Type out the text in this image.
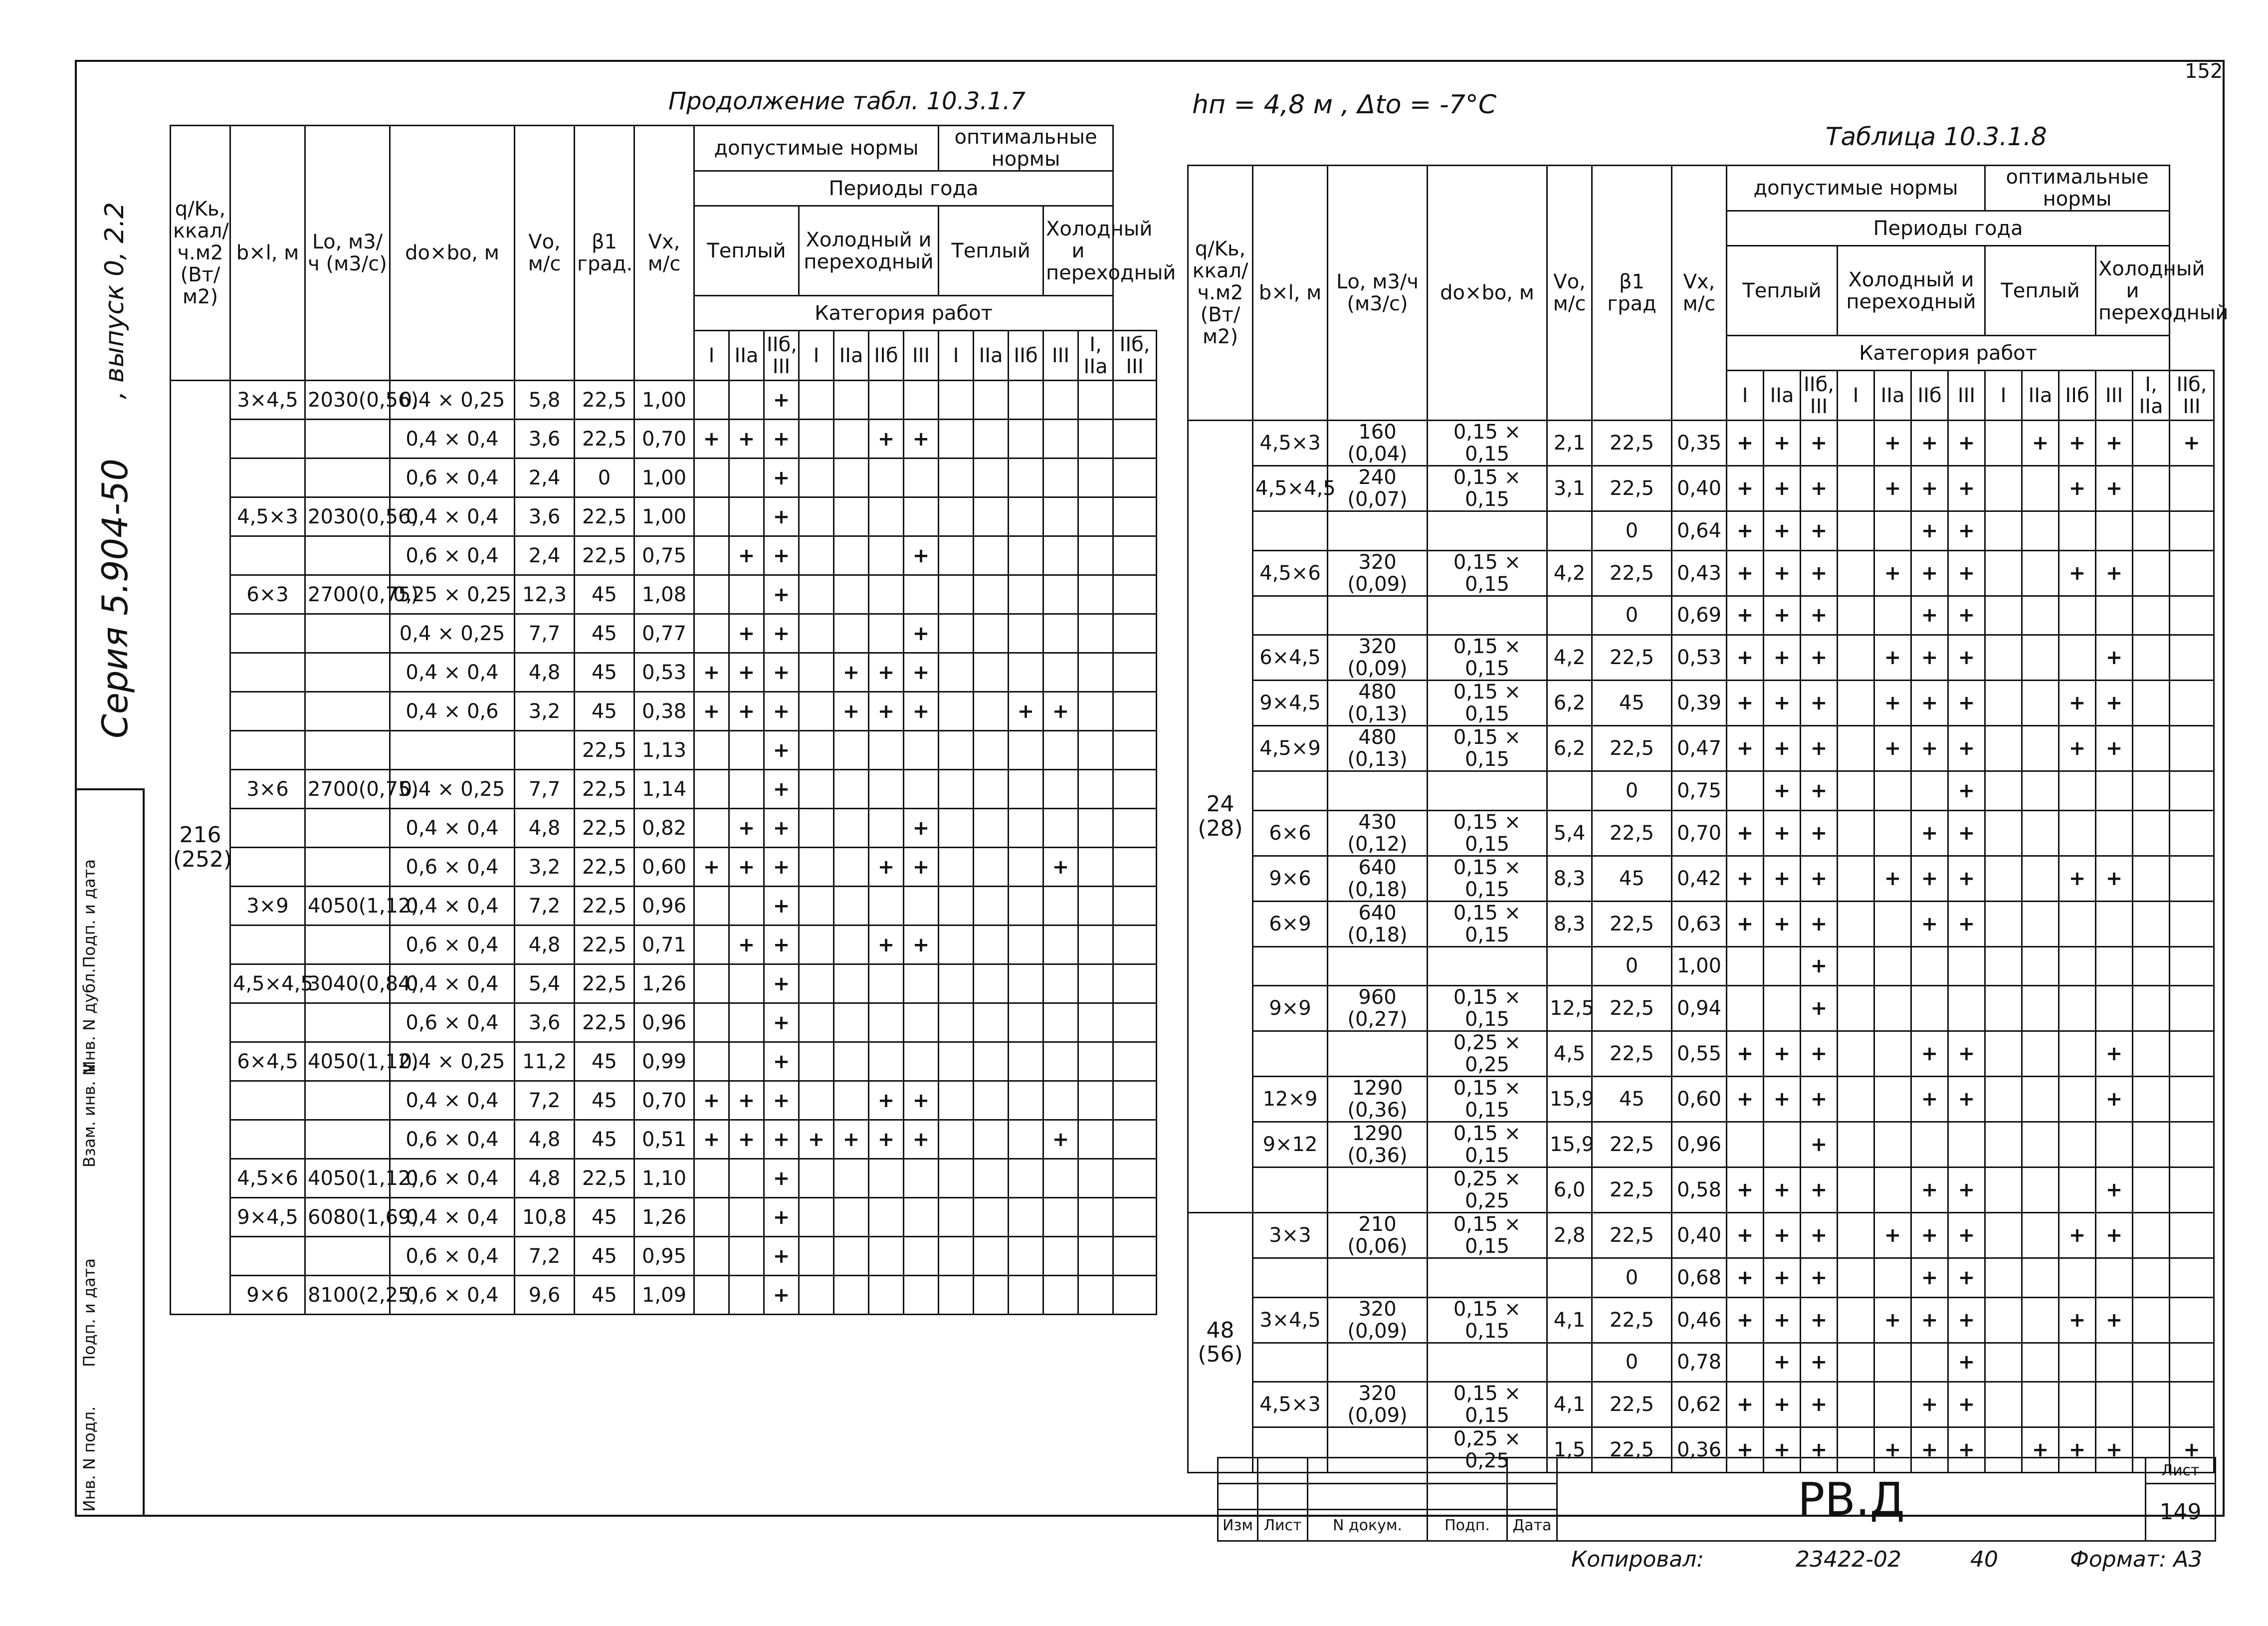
152
Серия 5.904-50
, выпуск 0, 2.2
Инв. N подл.
Подп. и дата
Взам. инв. N
Инв. N дубл.
Подп. и дата
Продолжение табл. 10.3.1.7	hп = 4,8 м , Δtо = -7°C
Таблица 10.3.1.8
q/Kь, ккал/ч.м2 (Вт/м2)	b×l, м	Lо, м3/ч (м3/с)	dо×bо, м	Vо, м/с	β1 град.	Vx, м/с	допустимые нормы							оптимальные нормы					
							Периоды года												
							Теплый			Холодный и переходный				Теплый			Холодный и переходный		
							Категория работ												
							I	IIа	IIб, III	I	IIа	IIб	III	I	IIа	IIб	III	I, IIа	IIб, III
216 (252)	3×4,5	2030(0,56)	0,4 × 0,25	5,8	22,5	1,00			+										
			0,4 × 0,4	3,6	22,5	0,70	+	+	+			+	+						
			0,6 × 0,4	2,4	0	1,00			+										
	4,5×3	2030(0,56)	0,4 × 0,4	3,6	22,5	1,00			+										
			0,6 × 0,4	2,4	22,5	0,75		+	+				+						
	6×3	2700(0,75)	0,25 × 0,25	12,3	45	1,08			+										
			0,4 × 0,25	7,7	45	0,77		+	+				+						
			0,4 × 0,4	4,8	45	0,53	+	+	+		+	+	+						
			0,4 × 0,6	3,2	45	0,38	+	+	+		+	+	+			+	+		
					22,5	1,13			+										
	3×6	2700(0,75)	0,4 × 0,25	7,7	22,5	1,14			+										
			0,4 × 0,4	4,8	22,5	0,82		+	+				+						
			0,6 × 0,4	3,2	22,5	0,60	+	+	+			+	+				+		
	3×9	4050(1,12)	0,4 × 0,4	7,2	22,5	0,96			+										
			0,6 × 0,4	4,8	22,5	0,71		+	+			+	+						
	4,5×4,5	3040(0,84)	0,4 × 0,4	5,4	22,5	1,26			+										
			0,6 × 0,4	3,6	22,5	0,96			+										
	6×4,5	4050(1,12)	0,4 × 0,25	11,2	45	0,99			+										
			0,4 × 0,4	7,2	45	0,70	+	+	+			+	+						
			0,6 × 0,4	4,8	45	0,51	+	+	+	+	+	+	+				+		
	4,5×6	4050(1,12)	0,6 × 0,4	4,8	22,5	1,10			+										
	9×4,5	6080(1,69)	0,4 × 0,4	10,8	45	1,26			+										
			0,6 × 0,4	7,2	45	0,95			+										
	9×6	8100(2,25)	0,6 × 0,4	9,6	45	1,09			+										
q/Kь, ккал/ч.м2 (Вт/м2)	b×l, м	Lо, м3/ч (м3/с)	dо×bо, м	Vо, м/с	β1 град	Vx, м/с	допустимые нормы							оптимальные нормы					
							Периоды года												
							Теплый			Холодный и переходный				Теплый			Холодный и переходный		
							Категория работ												
							I	IIа	IIб, III	I	IIа	IIб	III	I	IIа	IIб	III	I, IIа	IIб, III
24 (28)	4,5×3	160 (0,04)	0,15 × 0,15	2,1	22,5	0,35	+	+	+		+	+	+		+	+	+		+
	4,5×4,5	240 (0,07)	0,15 × 0,15	3,1	22,5	0,40	+	+	+		+	+	+			+	+		
					0	0,64	+	+	+			+	+						
	4,5×6	320 (0,09)	0,15 × 0,15	4,2	22,5	0,43	+	+	+		+	+	+			+	+		
					0	0,69	+	+	+			+	+						
	6×4,5	320 (0,09)	0,15 × 0,15	4,2	22,5	0,53	+	+	+		+	+	+				+		
	9×4,5	480 (0,13)	0,15 × 0,15	6,2	45	0,39	+	+	+		+	+	+			+	+		
	4,5×9	480 (0,13)	0,15 × 0,15	6,2	22,5	0,47	+	+	+		+	+	+			+	+		
					0	0,75		+	+				+						
	6×6	430 (0,12)	0,15 × 0,15	5,4	22,5	0,70	+	+	+			+	+						
	9×6	640 (0,18)	0,15 × 0,15	8,3	45	0,42	+	+	+		+	+	+			+	+		
	6×9	640 (0,18)	0,15 × 0,15	8,3	22,5	0,63	+	+	+			+	+						
					0	1,00			+										
	9×9	960 (0,27)	0,15 × 0,15	12,5	22,5	0,94			+										
			0,25 × 0,25	4,5	22,5	0,55	+	+	+			+	+				+		
	12×9	1290 (0,36)	0,15 × 0,15	15,9	45	0,60	+	+	+			+	+				+		
	9×12	1290 (0,36)	0,15 × 0,15	15,9	22,5	0,96			+										
			0,25 × 0,25	6,0	22,5	0,58	+	+	+			+	+				+		
48 (56)	3×3	210 (0,06)	0,15 × 0,15	2,8	22,5	0,40	+	+	+		+	+	+			+	+		
					0	0,68	+	+	+			+	+						
	3×4,5	320 (0,09)	0,15 × 0,15	4,1	22,5	0,46	+	+	+		+	+	+			+	+		
					0	0,78		+	+				+						
	4,5×3	320 (0,09)	0,15 × 0,15	4,1	22,5	0,62	+	+	+			+	+						
			0,25 × 0,25	1,5	22,5	0,36	+	+	+		+	+	+		+	+	+		+
					РВ.Д	Лист
						149
Изм	Лист	N докум.	Подп.	Дата		
Копировал:	23422-02	40	Формат: А3
